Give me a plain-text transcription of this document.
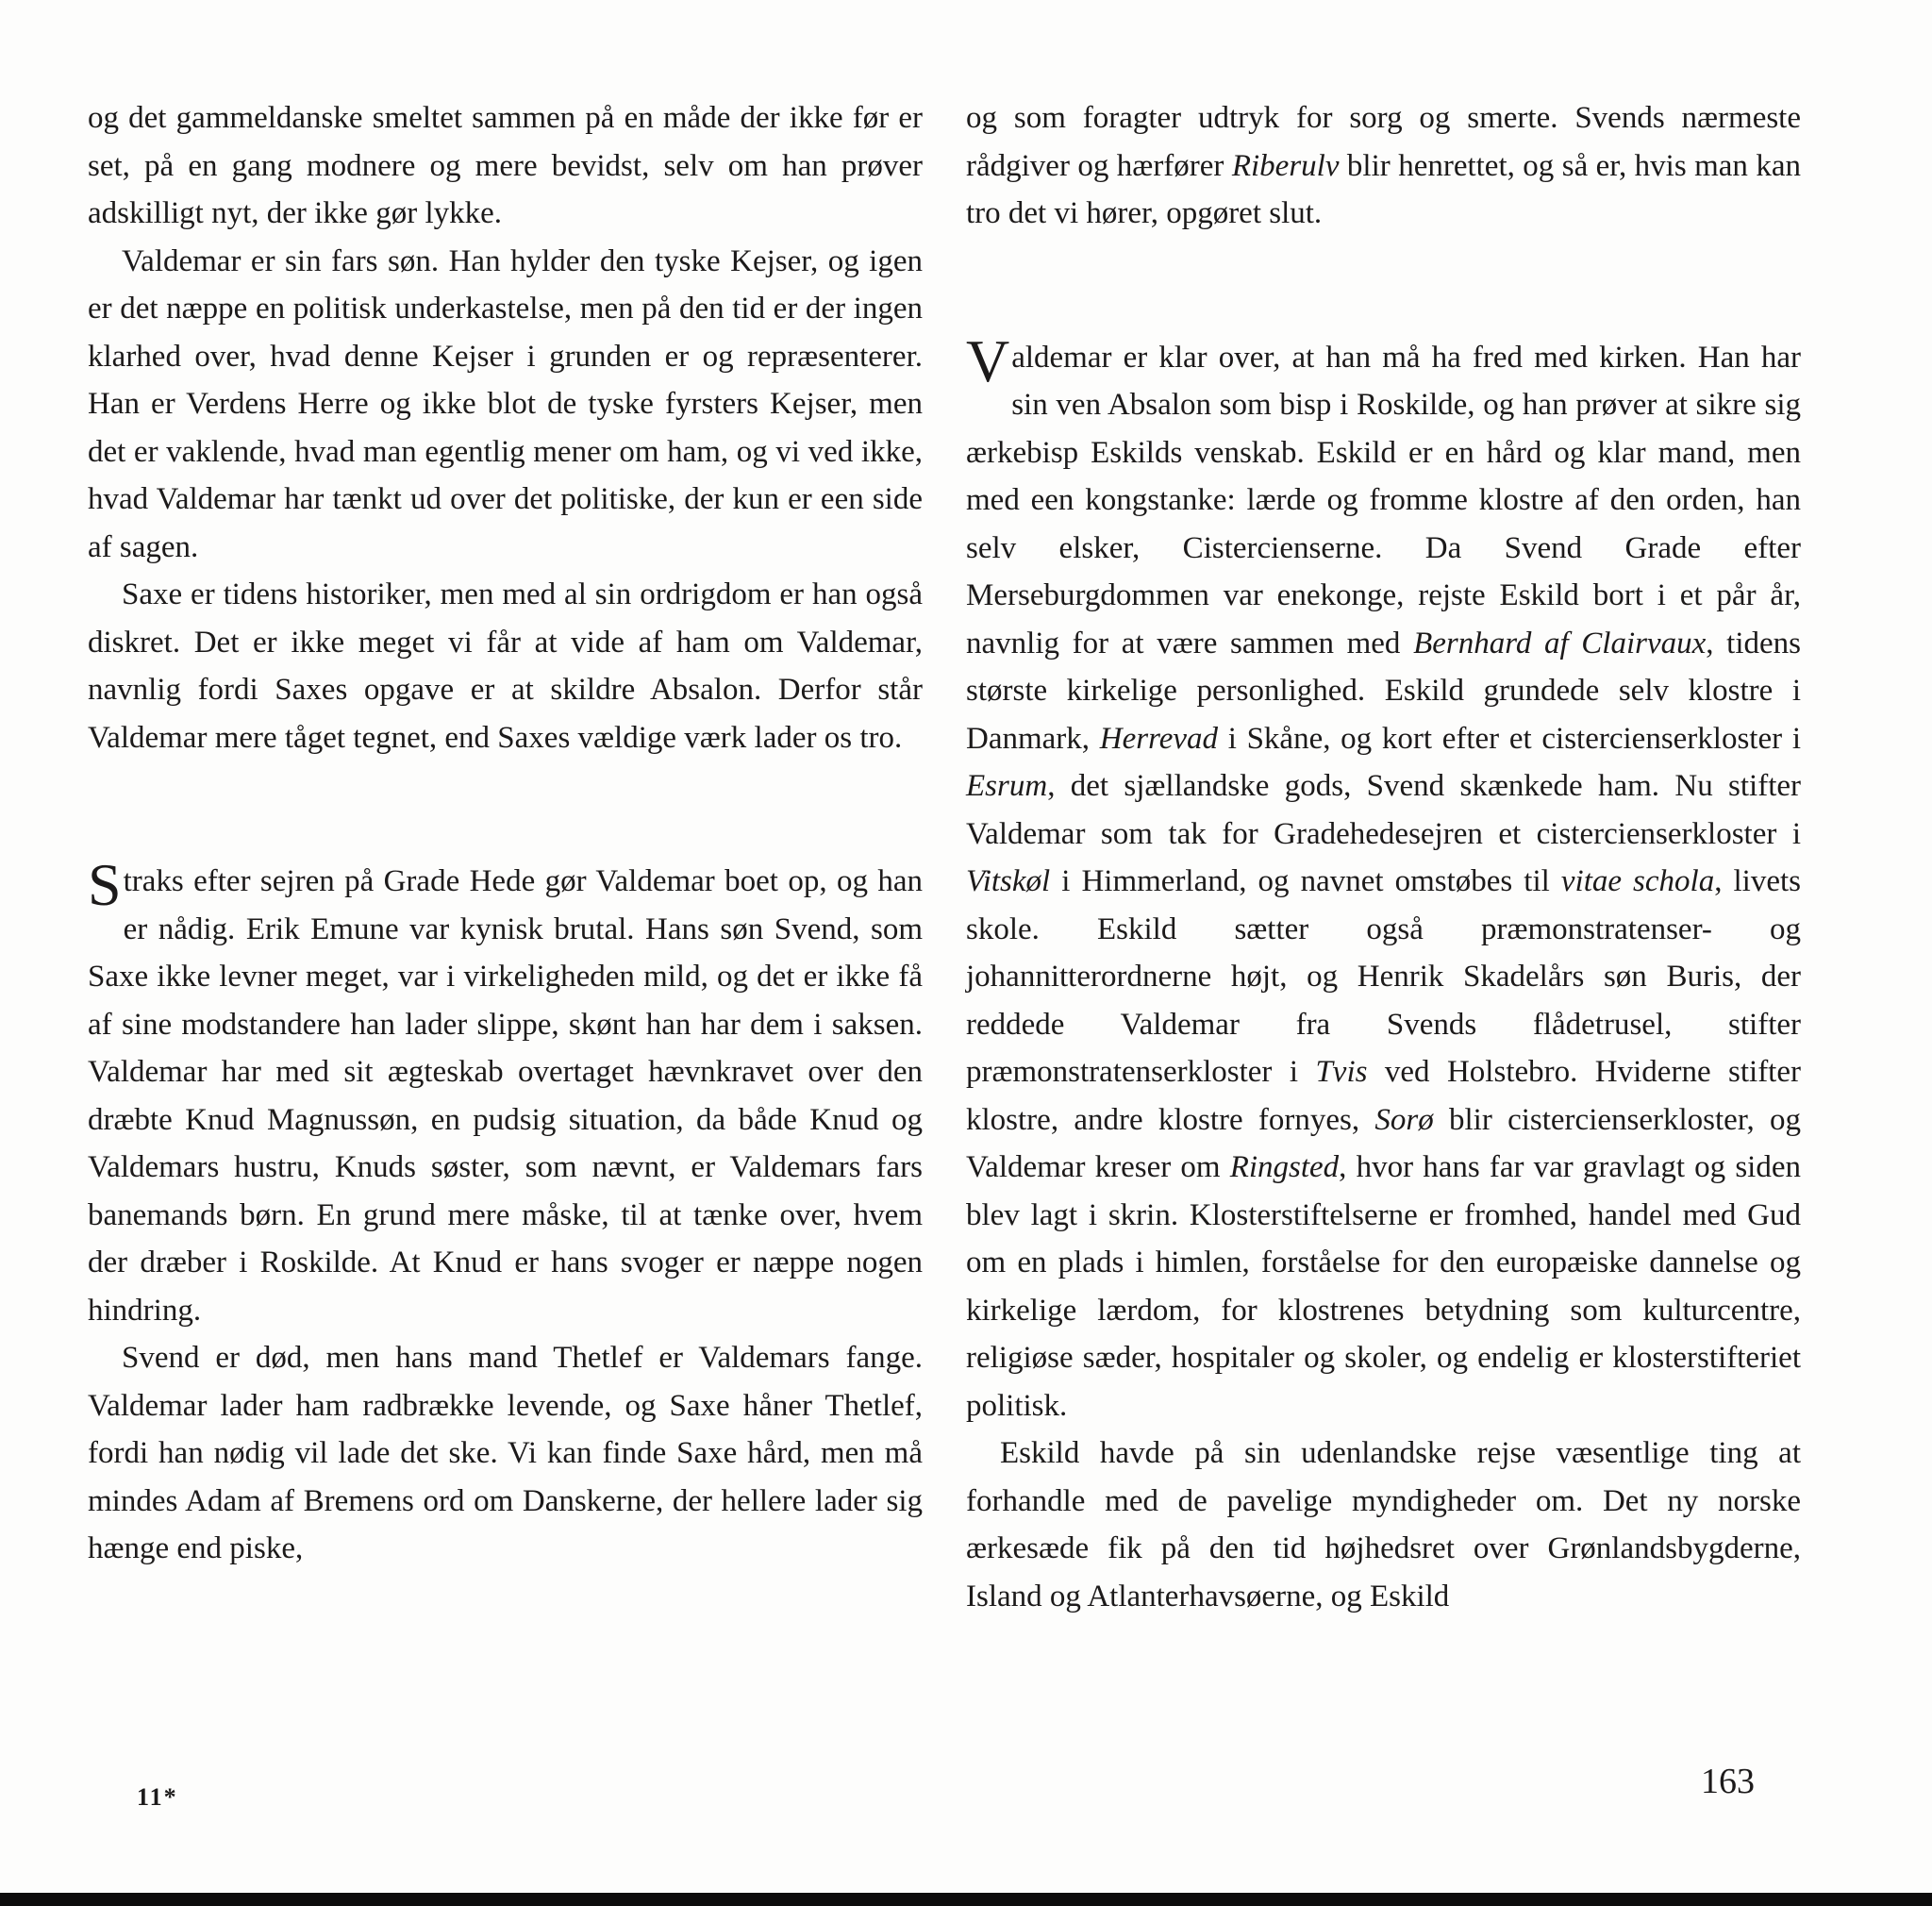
og det gammeldanske smeltet sammen på en måde der ikke før er set, på en gang modnere og mere bevidst, selv om han prøver adskilligt nyt, der ikke gør lykke.

Valdemar er sin fars søn. Han hylder den tyske Kejser, og igen er det næppe en politisk underkastelse, men på den tid er der ingen klarhed over, hvad denne Kejser i grunden er og repræsenterer. Han er Verdens Herre og ikke blot de tyske fyrsters Kejser, men det er vaklende, hvad man egentlig mener om ham, og vi ved ikke, hvad Valdemar har tænkt ud over det politiske, der kun er een side af sagen.

Saxe er tidens historiker, men med al sin ordrigdom er han også diskret. Det er ikke meget vi får at vide af ham om Valdemar, navnlig fordi Saxes opgave er at skildre Absalon. Derfor står Valdemar mere tåget tegnet, end Saxes vældige værk lader os tro.

Straks efter sejren på Grade Hede gør Valdemar boet op, og han er nådig. Erik Emune var kynisk brutal. Hans søn Svend, som Saxe ikke levner meget, var i virkeligheden mild, og det er ikke få af sine modstandere han lader slippe, skønt han har dem i saksen. Valdemar har med sit ægteskab overtaget hævnkravet over den dræbte Knud Magnussøn, en pudsig situation, da både Knud og Valdemars hustru, Knuds søster, som nævnt, er Valdemars fars banemands børn. En grund mere måske, til at tænke over, hvem der dræber i Roskilde. At Knud er hans svoger er næppe nogen hindring.

Svend er død, men hans mand Thetlef er Valdemars fange. Valdemar lader ham radbrække levende, og Saxe håner Thetlef, fordi han nødig vil lade det ske. Vi kan finde Saxe hård, men må mindes Adam af Bremens ord om Danskerne, der hellere lader sig hænge end piske,

og som foragter udtryk for sorg og smerte. Svends nærmeste rådgiver og hærfører Riberulv blir henrettet, og så er, hvis man kan tro det vi hører, opgøret slut.

Valdemar er klar over, at han må ha fred med kirken. Han har sin ven Absalon som bisp i Roskilde, og han prøver at sikre sig ærkebisp Eskilds venskab. Eskild er en hård og klar mand, men med een kongstanke: lærde og fromme klostre af den orden, han selv elsker, Cistercienserne. Da Svend Grade efter Merseburgdommen var enekonge, rejste Eskild bort i et pår år, navnlig for at være sammen med Bernhard af Clairvaux, tidens største kirkelige personlighed. Eskild grundede selv klostre i Danmark, Herrevad i Skåne, og kort efter et cistercienserkloster i Esrum, det sjællandske gods, Svend skænkede ham. Nu stifter Valdemar som tak for Gradehedesejren et cistercienserkloster i Vitskøl i Himmerland, og navnet omstøbes til vitae schola, livets skole. Eskild sætter også præmonstratenser- og johannitterordnerne højt, og Henrik Skadelårs søn Buris, der reddede Valdemar fra Svends flådetrusel, stifter præmonstratenserkloster i Tvis ved Holstebro. Hviderne stifter klostre, andre klostre fornyes, Sorø blir cistercienserkloster, og Valdemar kreser om Ringsted, hvor hans far var gravlagt og siden blev lagt i skrin. Klosterstiftelserne er fromhed, handel med Gud om en plads i himlen, forståelse for den europæiske dannelse og kirkelige lærdom, for klostrenes betydning som kulturcentre, religiøse sæder, hospitaler og skoler, og endelig er klosterstifteriet politisk.

Eskild havde på sin udenlandske rejse væsentlige ting at forhandle med de pavelige myndigheder om. Det ny norske ærkesæde fik på den tid højhedsret over Grønlandsbygderne, Island og Atlanterhavsøerne, og Eskild

11*	163
